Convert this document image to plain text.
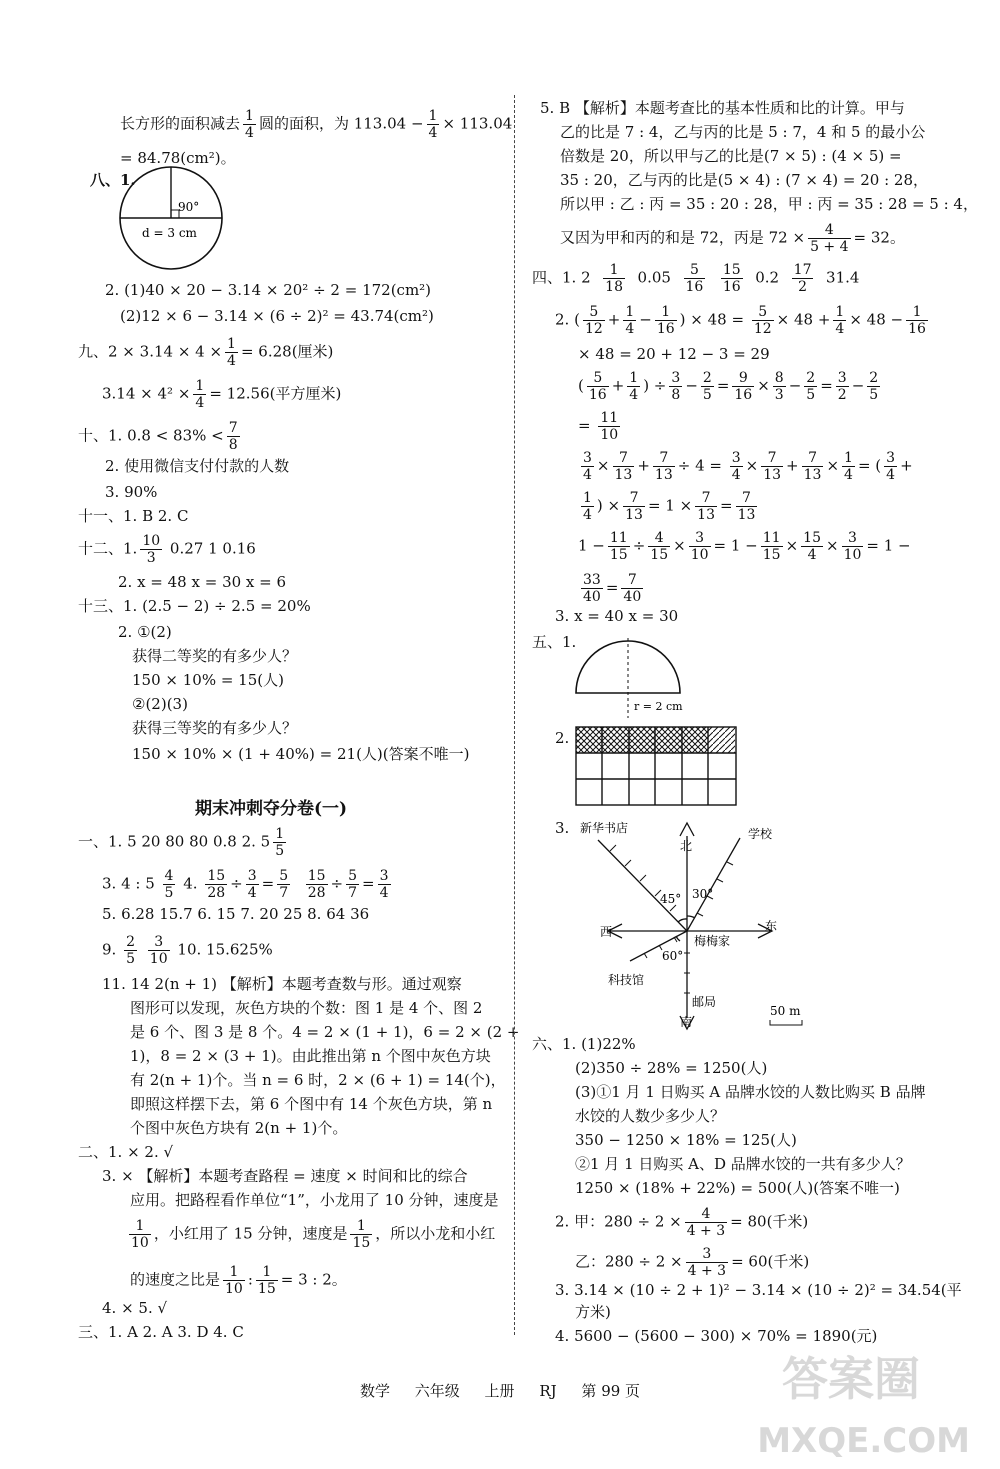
长方形的面积减去 $\frac{1}{4}$ 圆的面积，为 $113.04 - \frac{1}{4} \times 113.04$
= 84.78(cm²)。
八、1.
90°
d = 3 cm
2. (1)40 × 20 − 3.14 × 20² ÷ 2 = 172(cm²)
(2)12 × 6 − 3.14 × (6 ÷ 2)² = 43.74(cm²)
九、$2 \times 3.14 \times 4 \times \frac{1}{4} = 6.28$(厘米)
$3.14 \times 4^2 \times \frac{1}{4} = 12.56$(平方厘米)
十、1. $0.8 < 83\% < \frac{7}{8}$
2. 使用微信支付付款的人数
3. 90%
十一、1. B 2. C
十二、1. $\frac{10}{3} 0.27$ 1 0.16
2. x = 48 x = 30 x = 6
十三、1. (2.5 − 2) ÷ 2.5 = 20%
2. ①(2)
获得二等奖的有多少人？
150 × 10% = 15(人)
②(2)(3)
获得三等奖的有多少人？
150 × 10% × (1 + 40%) = 21(人)(答案不唯一)
期末冲刺夺分卷(一)
一、1. 5 20 80 80 0.8 2. $5 \frac{1}{5}$
3. 4 : $5 \frac{4}{5} 4$. $\frac{15}{28} \div \frac{3}{4} = \frac{5}{7}$
$\frac{15}{28} \div \frac{5}{7} = \frac{3}{4}$
5. 6.28 15.7 6. 15 7. 20 25 8. 64 36
9. $\frac{2}{5}$
$\frac{3}{10} 10$. 15.625%
11. 14 2(n + 1) 【解析】本题考查数与形。通过观察
图形可以发现，灰色方块的个数：图 1 是 4 个、图 2
是 6 个、图 3 是 8 个。4 = 2 × (1 + 1)，6 = 2 × (2 +
1)，8 = 2 × (3 + 1)。由此推出第 n 个图中灰色方块
有 2(n + 1)个。当 n = 6 时，2 × (6 + 1) = 14(个)，
即照这样摆下去，第 6 个图中有 14 个灰色方块，第 n
个图中灰色方块有 2(n + 1)个。
二、1. × 2. √
3. × 【解析】本题考查路程 = 速度 × 时间和比的综合
应用。把路程看作单位“1”，小龙用了 10 分钟，速度是
$\frac{1}{10}$ ，小红用了 15 分钟，速度是 $\frac{1}{15}$ ，所以小龙和小红
的速度之比是 $\frac{1}{10}$ : $\frac{1}{15} = 3$ : 2。
4. × 5. √
三、1. A 2. A 3. D 4. C
5. B 【解析】本题考查比的基本性质和比的计算。甲与
乙的比是 7 : 4，乙与丙的比是 5 : 7，4 和 5 的最小公
倍数是 20，所以甲与乙的比是(7 × 5) : (4 × 5) =
35 : 20，乙与丙的比是(5 × 4) : (7 × 4) = 20 : 28，
所以甲 : 乙 : 丙 = 35 : 20 : 28，甲 : 丙 = 35 : 28 = 5 : 4，
又因为甲和丙的和是 72，丙是 $72 \times \frac{4}{5 + 4} = 32$。
四、1. $2 \frac{1}{18} 0.05 \frac{5}{16}$
$\frac{15}{16} 0.2 \frac{17}{2} 31.4$
2. ( $\frac{5}{12} + \frac{1}{4} - \frac{1}{16}$ ) × $48 = \frac{5}{12} \times 48 + \frac{1}{4} \times 48 - \frac{1}{16}$
× 48 = 20 + 12 − 3 = 29
( $\frac{5}{16} + \frac{1}{4}$ ) ÷ $\frac{3}{8} - \frac{2}{5} = \frac{9}{16} \times \frac{8}{3} - \frac{2}{5} = \frac{3}{2} - \frac{2}{5}$
= $\frac{11}{10}$
$\frac{3}{4} \times \frac{7}{13} + \frac{7}{13} \div 4 = \frac{3}{4} \times \frac{7}{13} + \frac{7}{13} \times \frac{1}{4}$ = ( $\frac{3}{4}$ +
$\frac{1}{4}$ ) × $\frac{7}{13} = 1 \times \frac{7}{13} = \frac{7}{13}$
$1 - \frac{11}{15} \div \frac{4}{15} \times \frac{3}{10} = 1 - \frac{11}{15} \times \frac{15}{4} \times \frac{3}{10} = 1$ −
$\frac{33}{40} = \frac{7}{40}$
3. x = 40 x = 30
五、1.
r = 2 cm
2.
3. 新华书店	学校
北
西	东
梅梅家
科技馆
邮局
南
45° 30°
60°
50 m
六、1. (1)22%
(2)350 ÷ 28% = 1250(人)
(3)①1 月 1 日购买 A 品牌水饺的人数比购买 B 品牌
水饺的人数少多少人？
350 − 1250 × 18% = 125(人)
②1 月 1 日购买 A、D 品牌水饺的一共有多少人？
1250 × (18% + 22%) = 500(人)(答案不唯一)
2. 甲：$280 \div 2 \times \frac{4}{4 + 3} = 80$(千米)
乙：$280 \div 2 \times \frac{3}{4 + 3} = 60$(千米)
3. 3.14 × (10 ÷ 2 + 1)² − 3.14 × (10 ÷ 2)² = 34.54(平
方米)
4. 5600 − (5600 − 300) × 70% = 1890(元)
数学 六年级 上册 RJ 第 99 页	答案圈
MXQE.COM
